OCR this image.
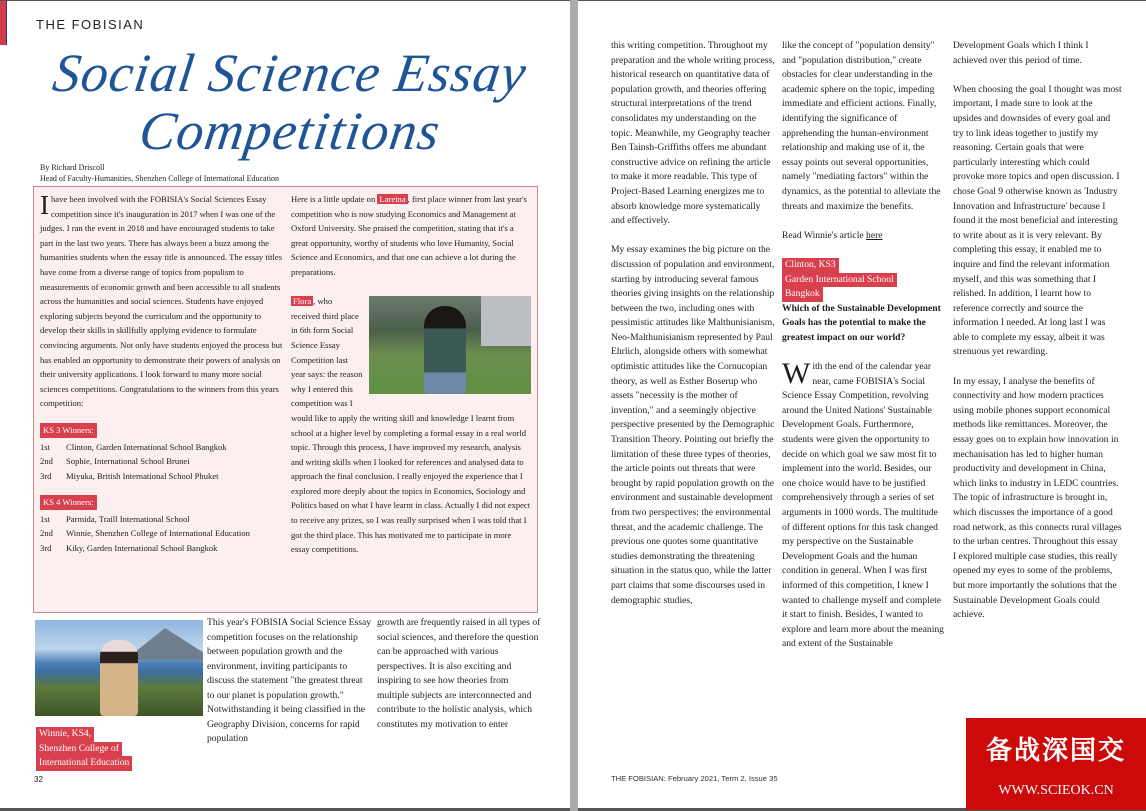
THE FOBISIAN
Social Science Essay
Competitions
By Richard Driscoll
Head of Faculty-Humanities, Shenzhen College of International Education
I have been involved with the FOBISIA's Social Sciences Essay competition since it's inauguration in 2017 when I was one of the judges. I ran the event in 2018 and have encouraged students to take part in the last two years. There has always been a buzz among the humanities students when the essay title is announced. The essay titles have come from a diverse range of topics from populism to measurements of economic growth and been accessible to all students across the humanities and social sciences. Students have enjoyed exploring subjects beyond the curriculum and the opportunity to develop their skills in skillfully applying evidence to formulate convincing arguments. Not only have students enjoyed the process but has enabled an opportunity to demonstrate their powers of analysis on their university applications. I look forward to many more social sciences competitions. Congratulations to the winners from this years competition:
KS 3 Winners:
1st Clinton, Garden International School Bangkok
2nd Sophie, International School Brunei
3rd Miyuka, British International School Phuket
KS 4 Winners:
1st Parmida, Traill International School
2nd Winnie, Shenzhen College of International Education
3rd Kiky, Garden International School Bangkok
Here is a little update on Lareina , first place winner from last year's competition who is now studying Economics and Management at Oxford University. She praised the competition, stating that it's a great opportunity, worthy of students who love Humanity, Social Science and Economics, and that one can achieve a lot during the preparations.
Flora , who received third place in 6th form Social Science Essay Competition last year says: the reason why I entered this competition was I would like to apply the writing skill and knowledge I learnt from school at a higher level by completing a formal essay in a real world topic. Through this process, I have improved my research, analysis and writing skills when I looked for references and analysed data to approach the final conclusion. I really enjoyed the experience that I explored more deeply about the topics in Economics, Sociology and Politics based on what I have learnt in class. Actually I did not expect to receive any prizes, so I was really surprised when I was told that I got the third place. This has motivated me to participate in more essay competitions.
Winnie, KS4,
Shenzhen College of
International Education
This year's FOBISIA Social Science Essay competition focuses on the relationship between population growth and the environment, inviting participants to discuss the statement "the greatest threat to our planet is population growth." Notwithstanding it being classified in the Geography Division, concerns for rapid population
growth are frequently raised in all types of social sciences, and therefore the question can be approached with various perspectives. It is also exciting and inspiring to see how theories from multiple subjects are interconnected and contribute to the holistic analysis, which constitutes my motivation to enter
32

this writing competition. Throughout my preparation and the whole writing process, historical research on quantitative data of population growth, and theories offering structural interpretations of the trend consolidates my understanding on the topic. Meanwhile, my Geography teacher Ben Tainsh-Griffiths offers me abundant constructive advice on refining the article to make it more readable. This type of Project-Based Learning energizes me to absorb knowledge more systematically and effectively.

My essay examines the big picture on the discussion of population and environment, starting by introducing several famous theories giving insights on the relationship between the two, including ones with pessimistic attitudes like Malthunisianism, Neo-Malthunisianism represented by Paul Ehrlich, alongside others with somewhat optimistic attitudes like the Cornucopian theory, as well as Esther Boserup who assets "necessity is the mother of invention," and a seemingly objective perspective presented by the Demographic Transition Theory. Pointing out briefly the limitation of these three types of theories, the article points out threats that were brought by rapid population growth on the environment and sustainable development from two perspectives: the environmental threat, and the academic challenge. The previous one quotes some quantitative studies demonstrating the threatening situation in the status quo, while the latter part claims that some discourses used in demographic studies,

like the concept of "population density" and "population distribution," create obstacles for clear understanding in the academic sphere on the topic, impeding immediate and efficient actions. Finally, identifying the significance of apprehending the human-environment relationship and making use of it, the essay points out several opportunities, namely "mediating factors" within the dynamics, as the potential to alleviate the threats and maximize the benefits.

Read Winnie's article here

Clinton, KS3
Garden International School
Bangkok
Which of the Sustainable Development Goals has the potential to make the greatest impact on our world?

With the end of the calendar year near, came FOBISIA's Social Science Essay Competition, revolving around the United Nations' Sustainable Development Goals. Furthermore, students were given the opportunity to decide on which goal we saw most fit to implement into the world. Besides, our one choice would have to be justified comprehensively through a series of set arguments in 1000 words. The multitude of different options for this task changed my perspective on the Sustainable Development Goals and the human condition in general. When I was first informed of this competition, I knew I wanted to challenge myself and complete it start to finish. Besides, I wanted to explore and learn more about the meaning and extent of the Sustainable

Development Goals which I think I achieved over this period of time.

When choosing the goal I thought was most important, I made sure to look at the upsides and downsides of every goal and try to link ideas together to justify my reasoning. Certain goals that were particularly interesting which could provoke more topics and open discussion. I chose Goal 9 otherwise known as 'Industry Innovation and Infrastructure' because I found it the most beneficial and interesting to write about as it is very relevant. By completing this essay, it enabled me to inquire and find the relevant information myself, and this was something that I relished. In addition, I learnt how to reference correctly and source the information I needed. At long last I was able to complete my essay, albeit it was strenuous yet rewarding.

In my essay, I analyse the benefits of connectivity and how modern practices using mobile phones support economical methods like remittances. Moreover, the essay goes on to explain how innovation in mechanisation has led to higher human productivity and development in China, which links to industry in LEDC countries. The topic of infrastructure is brought in, which discusses the importance of a good road network, as this connects rural villages to the urban centres. Throughout this essay I explored multiple case studies, this really opened my eyes to some of the problems, but more importantly the solutions that the Sustainable Development Goals could achieve.

THE FOBISIAN: February 2021, Term 2, Issue 35
备战深国交
WWW.SCIEOK.CN
